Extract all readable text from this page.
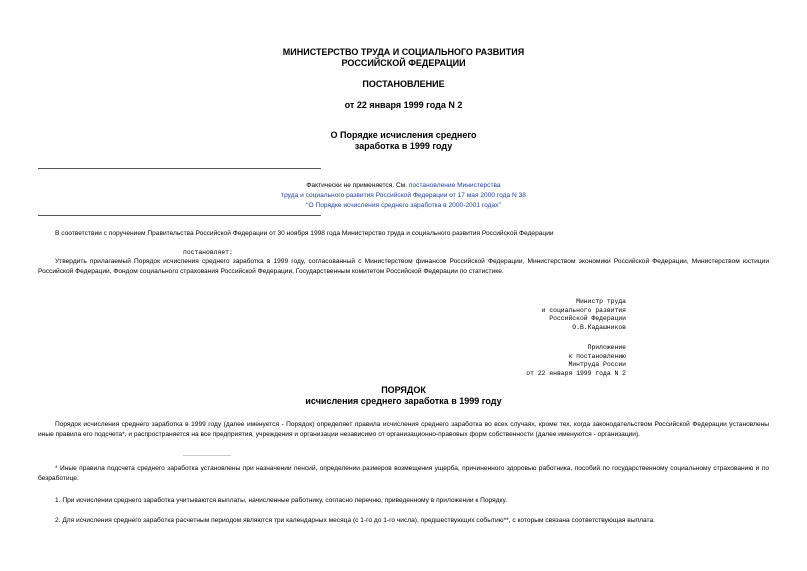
МИНИСТЕРСТВО ТРУДА И СОЦИАЛЬНОГО РАЗВИТИЯ
РОССИЙСКОЙ ФЕДЕРАЦИИ
ПОСТАНОВЛЕНИЕ
от 22 января 1999 года N 2
О Порядке исчисления среднего
заработка в 1999 году
Фактически не применяется. См. постановление Министерства
труда и социального развития Российской Федерации от 17 мая 2000 года N 38
"О Порядке исчисления среднего заработка в 2000-2001 годах"
В соответствии с поручением Правительства Российской Федерации от 30 ноября 1998 года Министерство труда и социального развития Российской Федерации
постановляет:
Утвердить прилагаемый Порядок исчисления среднего заработка в 1999 году, согласованный с Министерством финансов Российской Федерации, Министерством экономики Российской Федерации, Министерством юстиции Российской Федерации, Фондом социального страхования Российской Федерации, Государственным комитетом Российской Федерации по статистике.
Министр труда
и социального развития
Российской Федерации
О.В.Кадашников
Приложение
к постановлению
Минтруда России
от 22 января 1999 года N 2
ПОРЯДОК
исчисления среднего заработка в 1999 году
Порядок исчисления среднего заработка в 1999 году (далее именуется - Порядок) определяет правила исчисления среднего заработка во всех случаях, кроме тех, когда законодательством Российской Федерации установлены иные правила его подсчета*, и распространяется на все предприятия, учреждения и организации независимо от организационно-правовых форм собственности (далее именуются - организации).
________________
* Иные правила подсчета среднего заработка установлены при назначении пенсий, определении размеров возмещения ущерба, причиненного здоровью работника, пособий по государственному социальному страхованию и по безработице.
1. При исчислении среднего заработка учитываются выплаты, начисленные работнику, согласно перечню, приведенному в приложении к Порядку.
2. Для исчисления среднего заработка расчетным периодом являются три календарных месяца (с 1-го до 1-го числа), предшествующих событию**, с которым связана соответствующая выплата.
